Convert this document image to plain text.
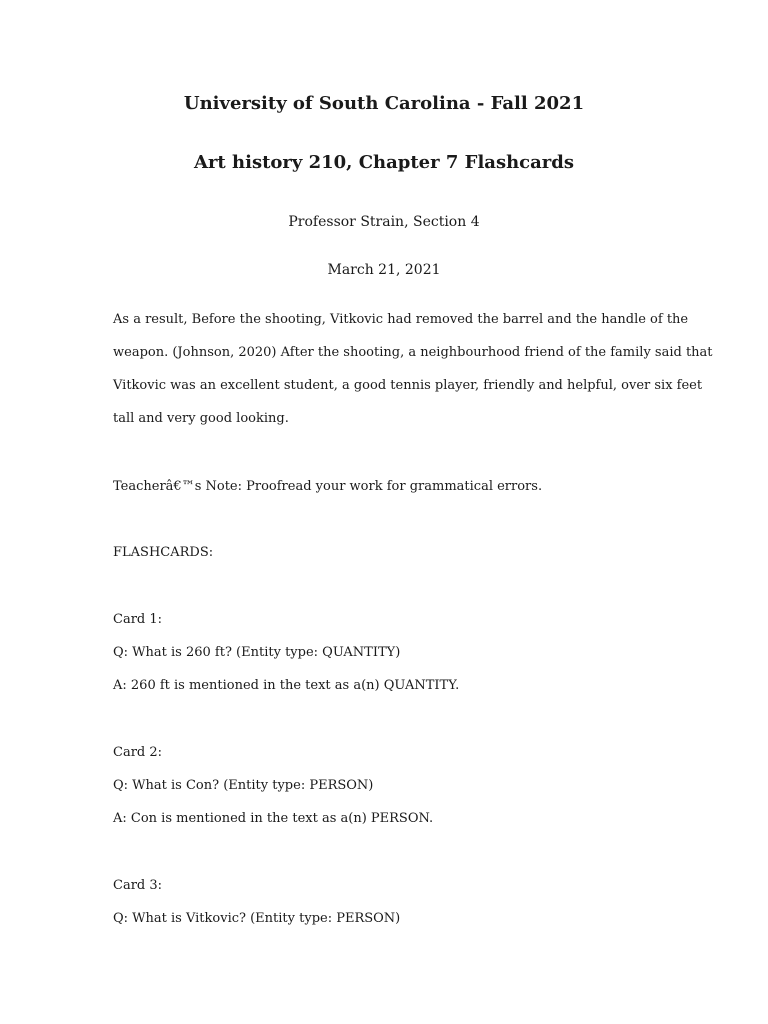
University of South Carolina - Fall 2021
Art history 210, Chapter 7 Flashcards
Professor Strain, Section 4
March 21, 2021
As a result, Before the shooting, Vitkovic had removed the barrel and the handle of the
weapon. (Johnson, 2020) After the shooting, a neighbourhood friend of the family said that
Vitkovic was an excellent student, a good tennis player, friendly and helpful, over six feet
tall and very good looking.
Teacherâ€™s Note: Proofread your work for grammatical errors.
FLASHCARDS:
Card 1:
Q: What is 260 ft? (Entity type: QUANTITY)
A: 260 ft is mentioned in the text as a(n) QUANTITY.
Card 2:
Q: What is Con? (Entity type: PERSON)
A: Con is mentioned in the text as a(n) PERSON.
Card 3:
Q: What is Vitkovic? (Entity type: PERSON)
